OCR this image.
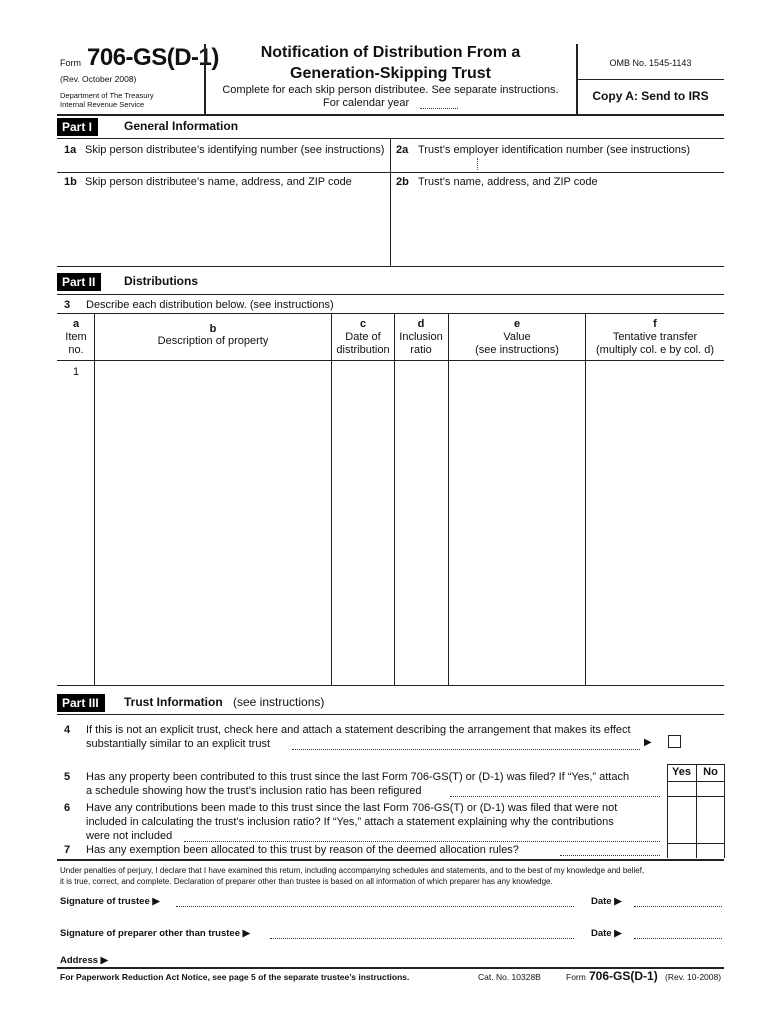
Form 706-GS(D-1)
(Rev. October 2008)
Department of The Treasury
Internal Revenue Service
Notification of Distribution From a
Generation-Skipping Trust
Complete for each skip person distributee. See separate instructions.
For calendar year
OMB No. 1545-1143
Copy A: Send to IRS
Part I	General Information
1a Skip person distributee’s identifying number (see instructions) 2a Trust’s employer identification number (see instructions)
1b Skip person distributee’s name, address, and ZIP code	2b Trust’s name, address, and ZIP code
Part II	Distributions
3 Describe each distribution below. (see instructions)
a
Item
no.
b
Description of property
c
Date of
distribution
d
Inclusion
ratio
e
Value
(see instructions)
f
Tentative transfer
(multiply col. e by col. d)
1
Part III	Trust Information (see instructions)
4 If this is not an explicit trust, check here and attach a statement describing the arrangement that makes its effect
substantially similar to an explicit trust	▶
Yes	No
5 Has any property been contributed to this trust since the last Form 706-GS(T) or (D-1) was filed? If “Yes,” attach
a schedule showing how the trust’s inclusion ratio has been refigured
6 Have any contributions been made to this trust since the last Form 706-GS(T) or (D-1) was filed that were not
included in calculating the trust’s inclusion ratio? If “Yes,” attach a statement explaining why the contributions
were not included
7 Has any exemption been allocated to this trust by reason of the deemed allocation rules?
Under penalties of perjury, I declare that I have examined this return, including accompanying schedules and statements, and to the best of my knowledge and belief,
it is true, correct, and complete. Declaration of preparer other than trustee is based on all information of which preparer has any knowledge.
Signature of trustee ▶	Date ▶
Signature of preparer other than trustee ▶	Date ▶
Address ▶
For Paperwork Reduction Act Notice, see page 5 of the separate trustee’s instructions.	Cat. No. 10328B	Form 706-GS(D-1) (Rev. 10-2008)
